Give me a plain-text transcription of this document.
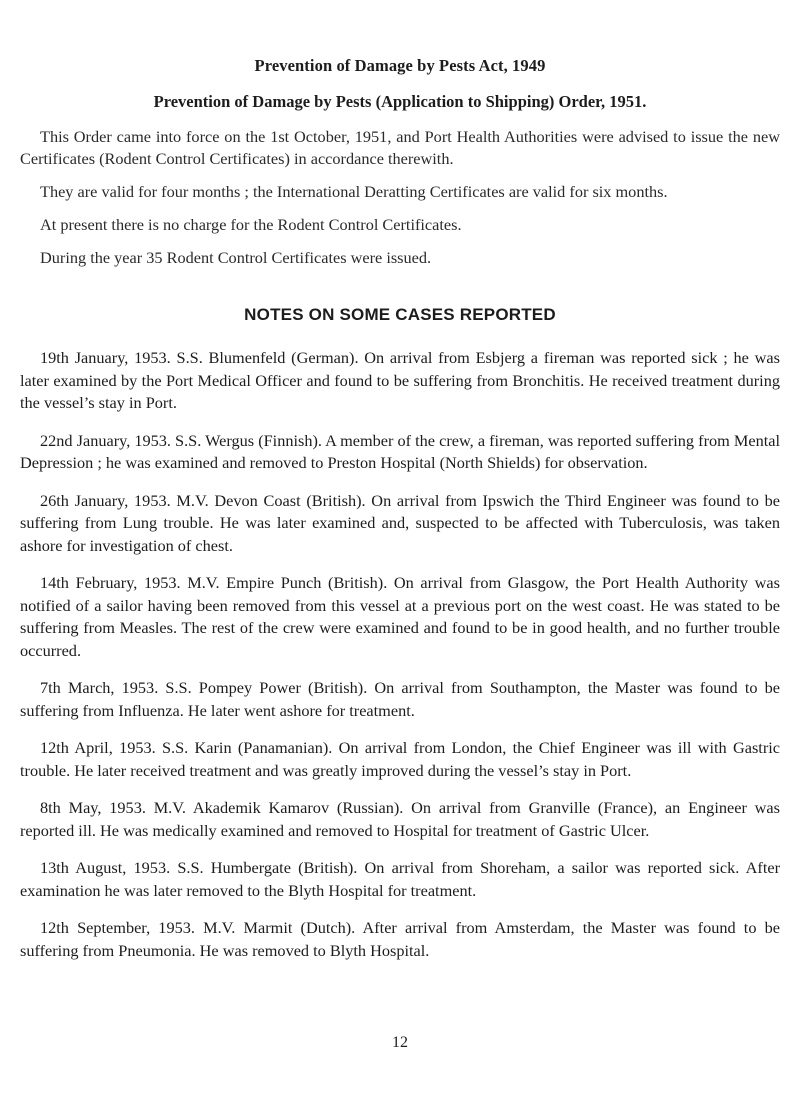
Prevention of Damage by Pests Act, 1949
Prevention of Damage by Pests (Application to Shipping) Order, 1951.

This Order came into force on the 1st October, 1951, and Port Health Authorities were advised to issue the new Certificates (Rodent Control Certificates) in accordance therewith.

They are valid for four months ; the International Deratting Certificates are valid for six months.

At present there is no charge for the Rodent Control Certificates.

During the year 35 Rodent Control Certificates were issued.

NOTES ON SOME CASES REPORTED

19th January, 1953. S.S. Blumenfeld (German). On arrival from Esbjerg a fireman was reported sick ; he was later examined by the Port Medical Officer and found to be suffering from Bronchitis. He received treatment during the vessel’s stay in Port.

22nd January, 1953. S.S. Wergus (Finnish). A member of the crew, a fireman, was reported suffering from Mental Depression ; he was examined and removed to Preston Hospital (North Shields) for observation.

26th January, 1953. M.V. Devon Coast (British). On arrival from Ipswich the Third Engineer was found to be suffering from Lung trouble. He was later examined and, suspected to be affected with Tuberculosis, was taken ashore for investigation of chest.

14th February, 1953. M.V. Empire Punch (British). On arrival from Glasgow, the Port Health Authority was notified of a sailor having been removed from this vessel at a previous port on the west coast. He was stated to be suffering from Measles. The rest of the crew were examined and found to be in good health, and no further trouble occurred.

7th March, 1953. S.S. Pompey Power (British). On arrival from Southampton, the Master was found to be suffering from Influenza. He later went ashore for treatment.

12th April, 1953. S.S. Karin (Panamanian). On arrival from London, the Chief Engineer was ill with Gastric trouble. He later received treatment and was greatly improved during the vessel’s stay in Port.

8th May, 1953. M.V. Akademik Kamarov (Russian). On arrival from Granville (France), an Engineer was reported ill. He was medically examined and removed to Hospital for treatment of Gastric Ulcer.

13th August, 1953. S.S. Humbergate (British). On arrival from Shoreham, a sailor was reported sick. After examination he was later removed to the Blyth Hospital for treatment.

12th September, 1953. M.V. Marmit (Dutch). After arrival from Amsterdam, the Master was found to be suffering from Pneumonia. He was removed to Blyth Hospital.

12
